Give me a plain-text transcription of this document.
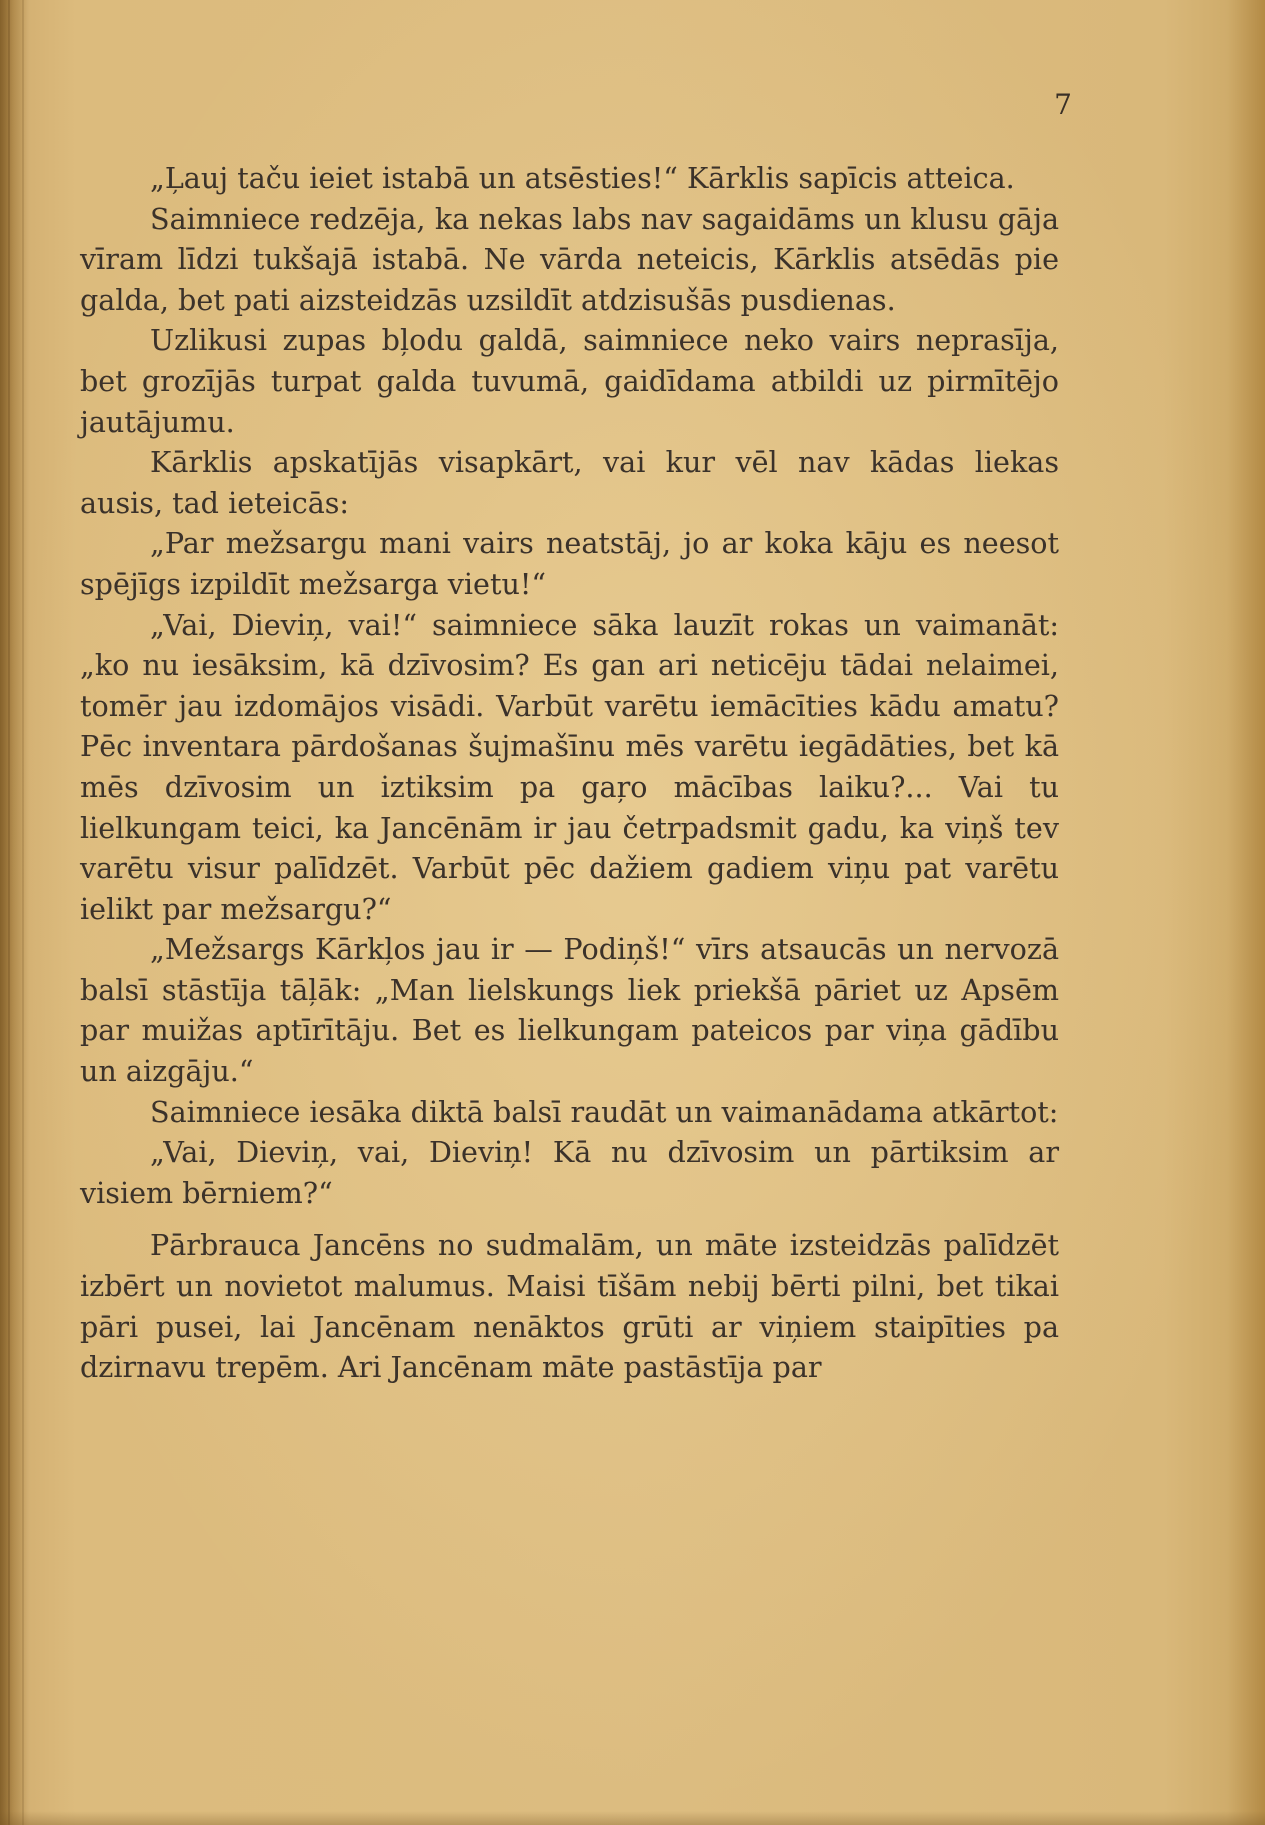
7

„Ļauj taču ieiet istabā un atsēsties!“ Kārklis sapīcis atteica.

Saimniece redzēja, ka nekas labs nav sagaidāms un klusu gāja vīram līdzi tukšajā istabā. Ne vārda neteicis, Kārklis atsēdās pie galda, bet pati aizsteidzās uzsildīt atdzisušās pusdienas.

Uzlikusi zupas bļodu galdā, saimniece neko vairs neprasīja, bet grozījās turpat galda tuvumā, gaidīdama atbildi uz pirmītējo jautājumu.

Kārklis apskatījās visapkārt, vai kur vēl nav kādas liekas ausis, tad ieteicās:

„Par mežsargu mani vairs neatstāj, jo ar koka kāju es neesot spējīgs izpildīt mežsarga vietu!“

„Vai, Dieviņ, vai!“ saimniece sāka lauzīt rokas un vaimanāt: „ko nu iesāksim, kā dzīvosim? Es gan ari neticēju tādai nelaimei, tomēr jau izdomājos visādi. Varbūt varētu iemācīties kādu amatu? Pēc inventara pārdošanas šujmašīnu mēs varētu iegādāties, bet kā mēs dzīvosim un iztiksim pa gaŗo mācības laiku?... Vai tu lielkungam teici, ka Jancēnām ir jau četrpadsmit gadu, ka viņš tev varētu visur palīdzēt. Varbūt pēc dažiem gadiem viņu pat varētu ielikt par mežsargu?“

„Mežsargs Kārkļos jau ir — Podiņš!“ vīrs atsaucās un nervozā balsī stāstīja tāļāk: „Man lielskungs liek priekšā pāriet uz Apsēm par muižas aptīrītāju. Bet es lielkungam pateicos par viņa gādību un aizgāju.“

Saimniece iesāka diktā balsī raudāt un vaimanādama atkārtot:

„Vai, Dieviņ, vai, Dieviņ! Kā nu dzīvosim un pārtiksim ar visiem bērniem?“

Pārbrauca Jancēns no sudmalām, un māte izsteidzās palīdzēt izbērt un novietot malumus. Maisi tīšām nebij bērti pilni, bet tikai pāri pusei, lai Jancēnam nenāktos grūti ar viņiem staipīties pa dzirnavu trepēm. Ari Jancēnam māte pastāstīja par
